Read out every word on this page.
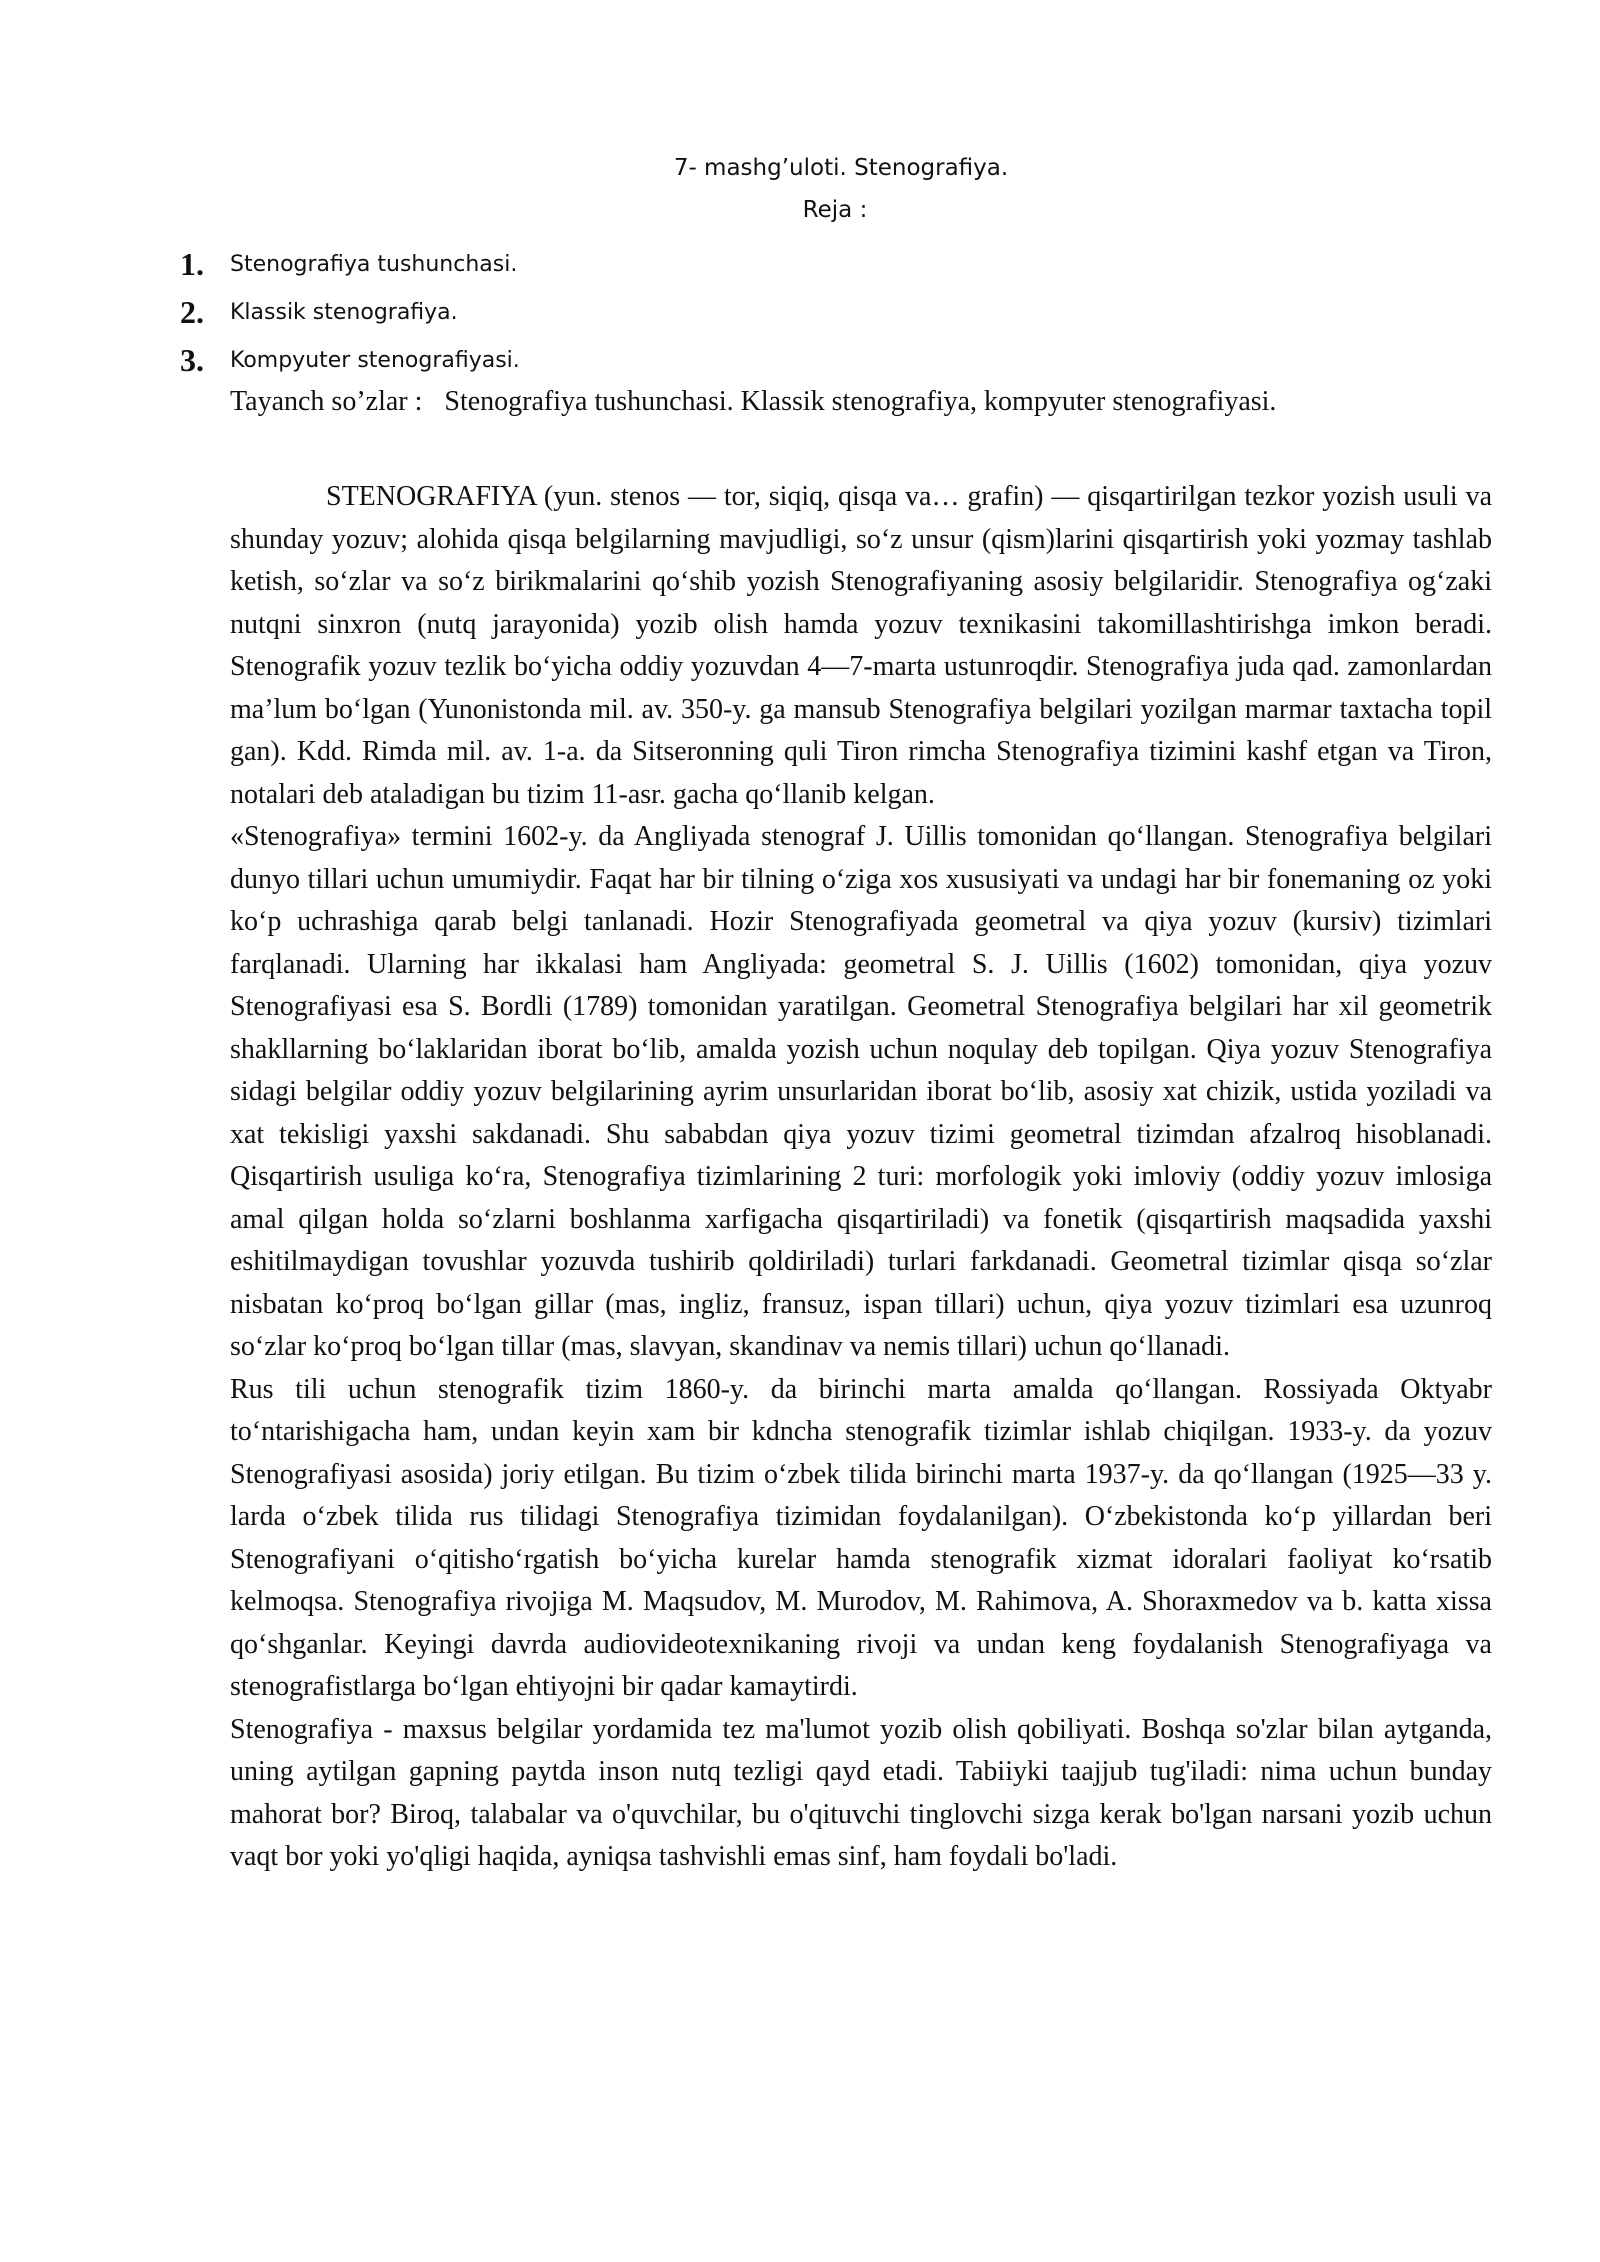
7- mashg’uloti. Stenografiya.
Reja :
1.	Stenografiya tushunchasi.
2.	Klassik stenografiya.
3.	Kompyuter stenografiyasi.
Tayanch so’zlar : Stenografiya tushunchasi. Klassik stenografiya, kompyuter stenografiyasi.

STENOGRAFIYA (yun. stenos — tor, siqiq, qisqa va… grafin) — qisqartirilgan tezkor yozish usuli va shunday yozuv; alohida qisqa belgilarning mavjudligi, soʻz unsur (qism)larini qisqartirish yoki yozmay tashlab ketish, soʻzlar va soʻz birikmalarini qoʻshib yozish Stenografiyaning asosiy belgilaridir. Stenografiya ogʻzaki nutqni sinxron (nutq jarayonida) yozib olish hamda yozuv texnikasini takomillashtirishga imkon beradi. Stenografik yozuv tezlik boʻyicha oddiy yozuvdan 4—7-marta ustunroqdir. Stenografiya juda qad. zamonlardan maʼlum boʻlgan (Yunonistonda mil. av. 350-y. ga mansub Stenografiya belgilari yozilgan marmar taxtacha topil gan). Kdd. Rimda mil. av. 1-a. da Sitseronning quli Tiron rimcha Stenografiya tizimini kashf etgan va Tiron, notalari deb ataladigan bu tizim 11-asr. gacha qoʻllanib kelgan.

«Stenografiya» termini 1602-y. da Angliyada stenograf J. Uillis tomonidan qoʻllangan. Stenografiya belgilari dunyo tillari uchun umumiydir. Faqat har bir tilning oʻziga xos xususiyati va undagi har bir fonemaning oz yoki koʻp uchrashiga qarab belgi tanlanadi. Hozir Stenografiyada geometral va qiya yozuv (kursiv) tizimlari farqlanadi. Ularning har ikkalasi ham Angliyada: geometral S. J. Uillis (1602) tomonidan, qiya yozuv Stenografiyasi esa S. Bordli (1789) tomonidan yaratilgan. Geometral Stenografiya belgilari har xil geometrik shakllarning boʻlaklaridan iborat boʻlib, amalda yozish uchun noqulay deb topilgan. Qiya yozuv Stenografiya sidagi belgilar oddiy yozuv belgilarining ayrim unsurlaridan iborat boʻlib, asosiy xat chizik, ustida yoziladi va xat tekisligi yaxshi sakdanadi. Shu sababdan qiya yozuv tizimi geometral tizimdan afzalroq hisoblanadi. Qisqartirish usuliga koʻra, Stenografiya tizimlarining 2 turi: morfologik yoki imloviy (oddiy yozuv imlosiga amal qilgan holda soʻzlarni boshlanma xarfigacha qisqartiriladi) va fonetik (qisqartirish maqsadida yaxshi eshitilmaydigan tovushlar yozuvda tushirib qoldiriladi) turlari farkdanadi. Geometral tizimlar qisqa soʻzlar nisbatan koʻproq boʻlgan gillar (mas, ingliz, fransuz, ispan tillari) uchun, qiya yozuv tizimlari esa uzunroq soʻzlar koʻproq boʻlgan tillar (mas, slavyan, skandinav va nemis tillari) uchun qoʻllanadi.

Rus tili uchun stenografik tizim 1860-y. da birinchi marta amalda qoʻllangan. Rossiyada Oktyabr toʻntarishigacha ham, undan keyin xam bir kdncha stenografik tizimlar ishlab chiqilgan. 1933-y. da yozuv Stenografiyasi asosida) joriy etilgan. Bu tizim oʻzbek tilida birinchi marta 1937-y. da qoʻllangan (1925—33 y. larda oʻzbek tilida rus tilidagi Stenografiya tizimidan foydalanilgan). Oʻzbekistonda koʻp yillardan beri Stenografiyani oʻqitishoʻrgatish boʻyicha kurelar hamda stenografik xizmat idoralari faoliyat koʻrsatib kelmoqsa. Stenografiya rivojiga M. Maqsudov, M. Murodov, M. Rahimova, A. Shoraxmedov va b. katta xissa qoʻshganlar. Keyingi davrda audiovideotexnikaning rivoji va undan keng foydalanish Stenografiyaga va stenografistlarga boʻlgan ehtiyojni bir qadar kamaytirdi.

Stenografiya - maxsus belgilar yordamida tez ma'lumot yozib olish qobiliyati. Boshqa so'zlar bilan aytganda, uning aytilgan gapning paytda inson nutq tezligi qayd etadi. Tabiiyki taajjub tug'iladi: nima uchun bunday mahorat bor? Biroq, talabalar va o'quvchilar, bu o'qituvchi tinglovchi sizga kerak bo'lgan narsani yozib uchun vaqt bor yoki yo'qligi haqida, ayniqsa tashvishli emas sinf, ham foydali bo'ladi.
